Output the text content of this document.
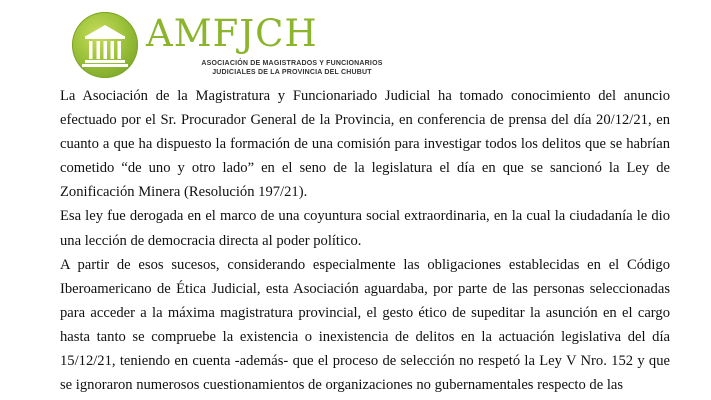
AMFJCH
ASOCIACIÓN DE MAGISTRADOS Y FUNCIONARIOS
JUDICIALES DE LA PROVINCIA DEL CHUBUT

La Asociación de la Magistratura y Funcionariado Judicial ha tomado conocimiento del anuncio efectuado por el Sr. Procurador General de la Provincia, en conferencia de prensa del día 20/12/21, en cuanto a que ha dispuesto la formación de una comisión para investigar todos los delitos que se habrían cometido “de uno y otro lado” en el seno de la legislatura el día en que se sancionó la Ley de Zonificación Minera (Resolución 197/21).

Esa ley fue derogada en el marco de una coyuntura social extraordinaria, en la cual la ciudadanía le dio una lección de democracia directa al poder político.

A partir de esos sucesos, considerando especialmente las obligaciones establecidas en el Código Iberoamericano de Ética Judicial, esta Asociación aguardaba, por parte de las personas seleccionadas para acceder a la máxima magistratura provincial, el gesto ético de supeditar la asunción en el cargo hasta tanto se compruebe la existencia o inexistencia de delitos en la actuación legislativa del día 15/12/21, teniendo en cuenta -además- que el proceso de selección no respetó la Ley V Nro. 152 y que se ignoraron numerosos cuestionamientos de organizaciones no gubernamentales respecto de las
